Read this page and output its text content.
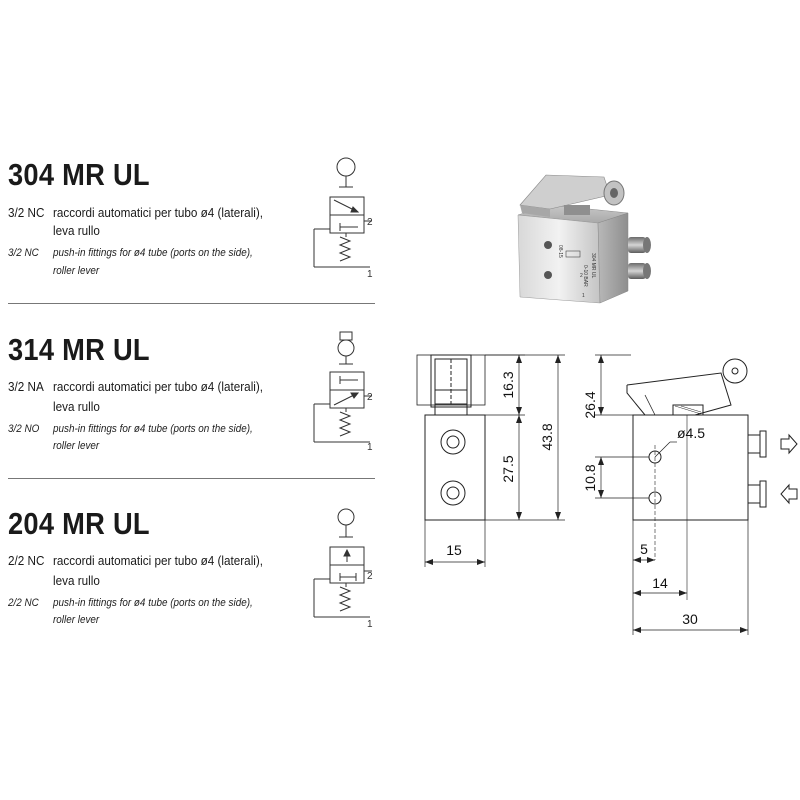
304 MR UL
3/2 NC raccordi automatici per tubo ø4 (laterali),
leva rullo
3/2 NC push-in fittings for ø4 tube (ports on the side),
roller lever
2
1
314 MR UL
3/2 NA raccordi automatici per tubo ø4 (laterali),
leva rullo
3/2 NO push-in fittings for ø4 tube (ports on the side),
roller lever
2
1
204 MR UL
2/2 NC raccordi automatici per tubo ø4 (laterali),
leva rullo
2/2 NC push-in fittings for ø4 tube (ports on the side),
roller lever
2
1
08-15
0-10 BAR 304 MR UL
2
1
16.3
27.5
43.8
15
26.4
ø4.5
10.8
5
14
30
